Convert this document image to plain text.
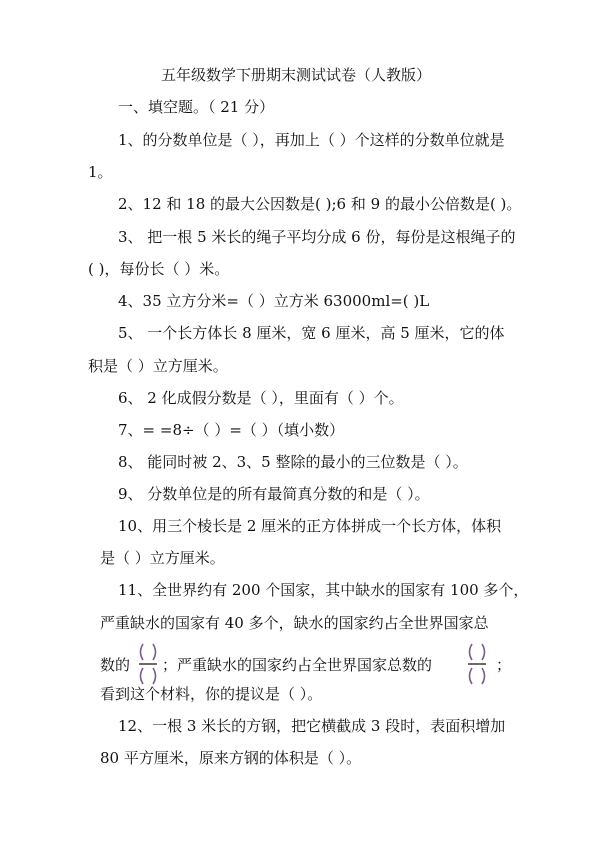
五年级数学下册期末测试试卷（人教版）
一、填空题。（ 21 分）
1、的分数单位是（ ），再加上（ ）个这样的分数单位就是
1。
2、12 和 18 的最大公因数是( );6 和 9 的最小公倍数是( )。
3、 把一根 5 米长的绳子平均分成 6 份，每份是这根绳子的
( )，每份长（ ）米。
4、35 立方分米=（ ）立方米 63000ml=( )L
5、 一个长方体长 8 厘米，宽 6 厘米，高 5 厘米，它的体
积是（ ）立方厘米。
6、 2 化成假分数是（ ），里面有（ ）个。
7、= =8÷（ ）=（ ）（填小数）
8、 能同时被 2、3、5 整除的最小的三位数是（ ）。
9、 分数单位是的所有最简真分数的和是（ ）。
10、用三个棱长是 2 厘米的正方体拼成一个长方体，体积
是（ ）立方厘米。
11、全世界约有 200 个国家，其中缺水的国家有 100 多个，
严重缺水的国家有 40 多个，缺水的国家约占全世界国家总
数的 ；严重缺水的国家约占全世界国家总数的	；
看到这个材料，你的提议是（ ）。
12、一根 3 米长的方钢，把它横截成 3 段时，表面积增加
80 平方厘米，原来方钢的体积是（ ）。
